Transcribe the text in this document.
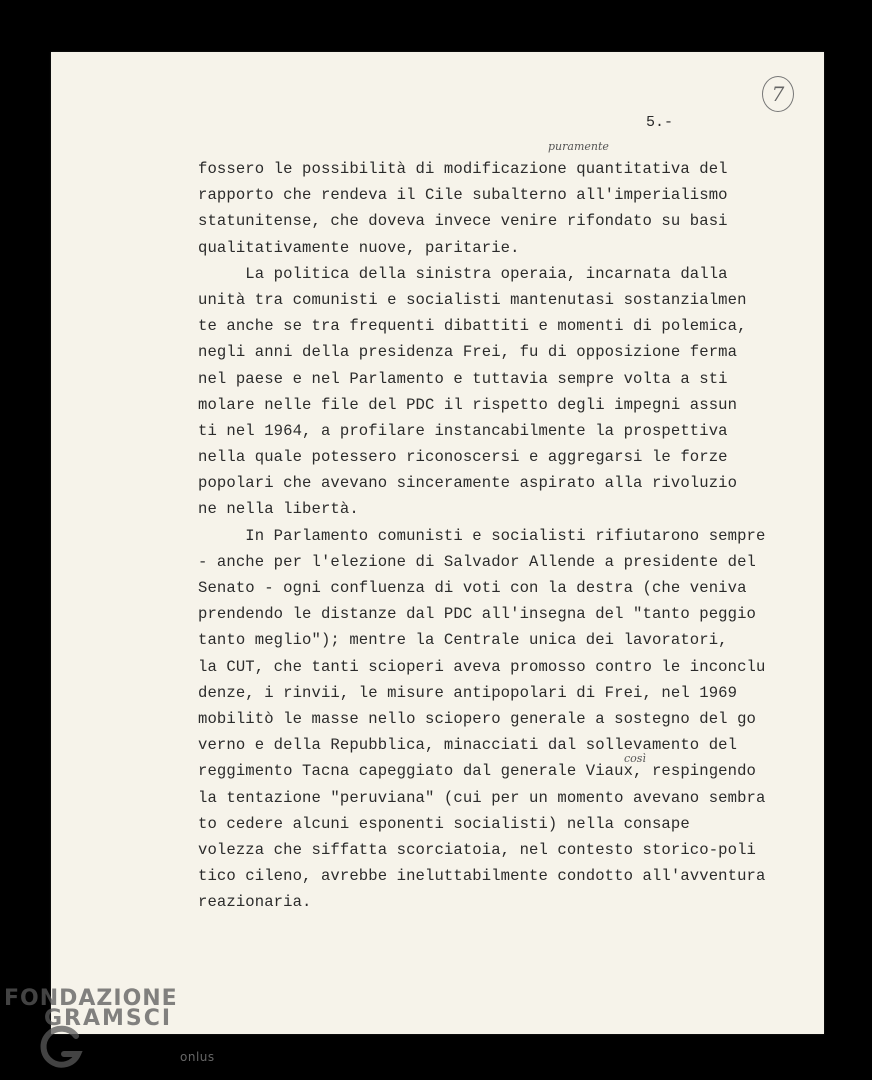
7
5.-
puramente
così
fossero le possibilità di modificazione quantitativa del
rapporto che rendeva il Cile subalterno all'imperialismo
statunitense, che doveva invece venire rifondato su basi
qualitativamente nuove, paritarie.
La politica della sinistra operaia, incarnata dalla
unità tra comunisti e socialisti mantenutasi sostanzialmen
te anche se tra frequenti dibattiti e momenti di polemica,
negli anni della presidenza Frei, fu di opposizione ferma
nel paese e nel Parlamento e tuttavia sempre volta a sti
molare nelle file del PDC il rispetto degli impegni assun
ti nel 1964, a profilare instancabilmente la prospettiva
nella quale potessero riconoscersi e aggregarsi le forze
popolari che avevano sinceramente aspirato alla rivoluzio
ne nella libertà.
In Parlamento comunisti e socialisti rifiutarono sempre
- anche per l'elezione di Salvador Allende a presidente del
Senato - ogni confluenza di voti con la destra (che veniva
prendendo le distanze dal PDC all'insegna del "tanto peggio
tanto meglio"); mentre la Centrale unica dei lavoratori,
la CUT, che tanti scioperi aveva promosso contro le inconclu
denze, i rinvii, le misure antipopolari di Frei, nel 1969
mobilitò le masse nello sciopero generale a sostegno del go
verno e della Repubblica, minacciati dal sollevamento del
reggimento Tacna capeggiato dal generale Viaux, respingendo
la tentazione "peruviana" (cui per un momento avevano sembra
to cedere alcuni esponenti socialisti) nella consape
volezza che siffatta scorciatoia, nel contesto storico-poli
tico cileno, avrebbe ineluttabilmente condotto all'avventura
reazionaria.
FONDAZIONE
GRAMSCI
onlus
